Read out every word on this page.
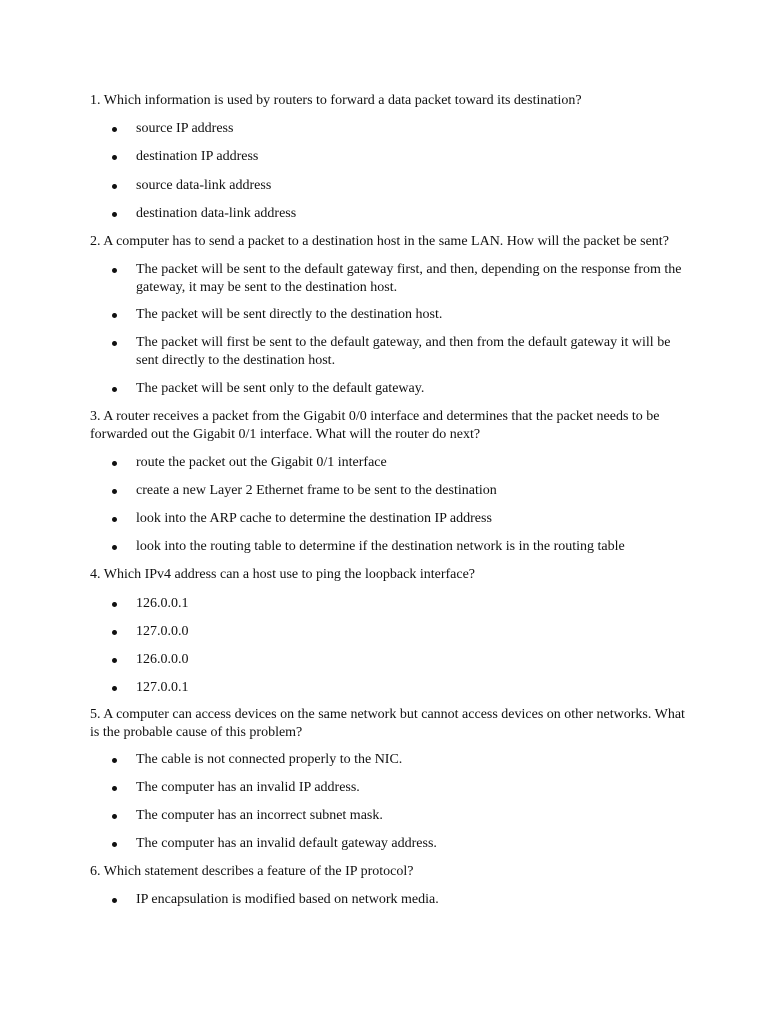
1. Which information is used by routers to forward a data packet toward its destination?

source IP address
destination IP address
source data-link address
destination data-link address

2. A computer has to send a packet to a destination host in the same LAN. How will the packet be sent?

The packet will be sent to the default gateway first, and then, depending on the response from the gateway, it may be sent to the destination host.
The packet will be sent directly to the destination host.
The packet will first be sent to the default gateway, and then from the default gateway it will be sent directly to the destination host.
The packet will be sent only to the default gateway.

3. A router receives a packet from the Gigabit 0/0 interface and determines that the packet needs to be forwarded out the Gigabit 0/1 interface. What will the router do next?

route the packet out the Gigabit 0/1 interface
create a new Layer 2 Ethernet frame to be sent to the destination
look into the ARP cache to determine the destination IP address
look into the routing table to determine if the destination network is in the routing table

4. Which IPv4 address can a host use to ping the loopback interface?

126.0.0.1
127.0.0.0
126.0.0.0
127.0.0.1

5. A computer can access devices on the same network but cannot access devices on other networks. What is the probable cause of this problem?

The cable is not connected properly to the NIC.
The computer has an invalid IP address.
The computer has an incorrect subnet mask.
The computer has an invalid default gateway address.

6. Which statement describes a feature of the IP protocol?

IP encapsulation is modified based on network media.
